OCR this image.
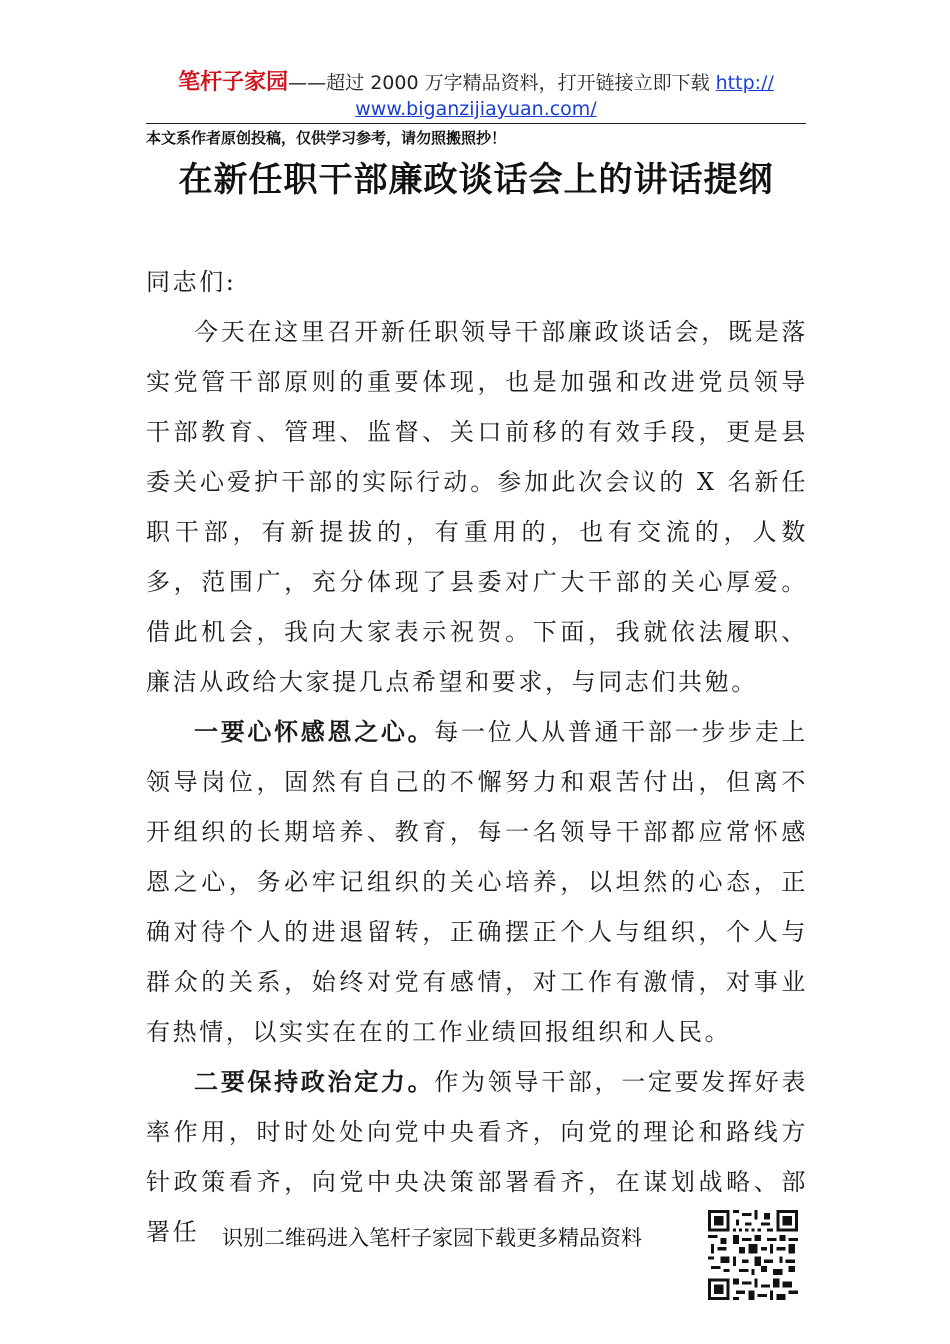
笔杆子家园——超过 2000 万字精品资料，打开链接立即下载 http://
www.biganzijiayuan.com/
本文系作者原创投稿，仅供学习参考，请勿照搬照抄！
在新任职干部廉政谈话会上的讲话提纲

同志们:

今天在这里召开新任职领导干部廉政谈话会，既是落实党管干部原则的重要体现，也是加强和改进党员领导干部教育、管理、监督、关口前移的有效手段，更是县委关心爱护干部的实际行动。参加此次会议的 X 名新任职干部，有新提拔的，有重用的，也有交流的，人数多，范围广，充分体现了县委对广大干部的关心厚爱。借此机会，我向大家表示祝贺。下面，我就依法履职、廉洁从政给大家提几点希望和要求，与同志们共勉。

一要心怀感恩之心。每一位人从普通干部一步步走上领导岗位，固然有自己的不懈努力和艰苦付出，但离不开组织的长期培养、教育，每一名领导干部都应常怀感恩之心，务必牢记组织的关心培养，以坦然的心态，正确对待个人的进退留转，正确摆正个人与组织，个人与群众的关系，始终对党有感情，对工作有激情，对事业有热情，以实实在在的工作业绩回报组织和人民。

二要保持政治定力。作为领导干部，一定要发挥好表率作用，时时处处向党中央看齐，向党的理论和路线方针政策看齐，向党中央决策部署看齐，在谋划战略、部署任	识别二维码进入笔杆子家园下载更多精品资料
